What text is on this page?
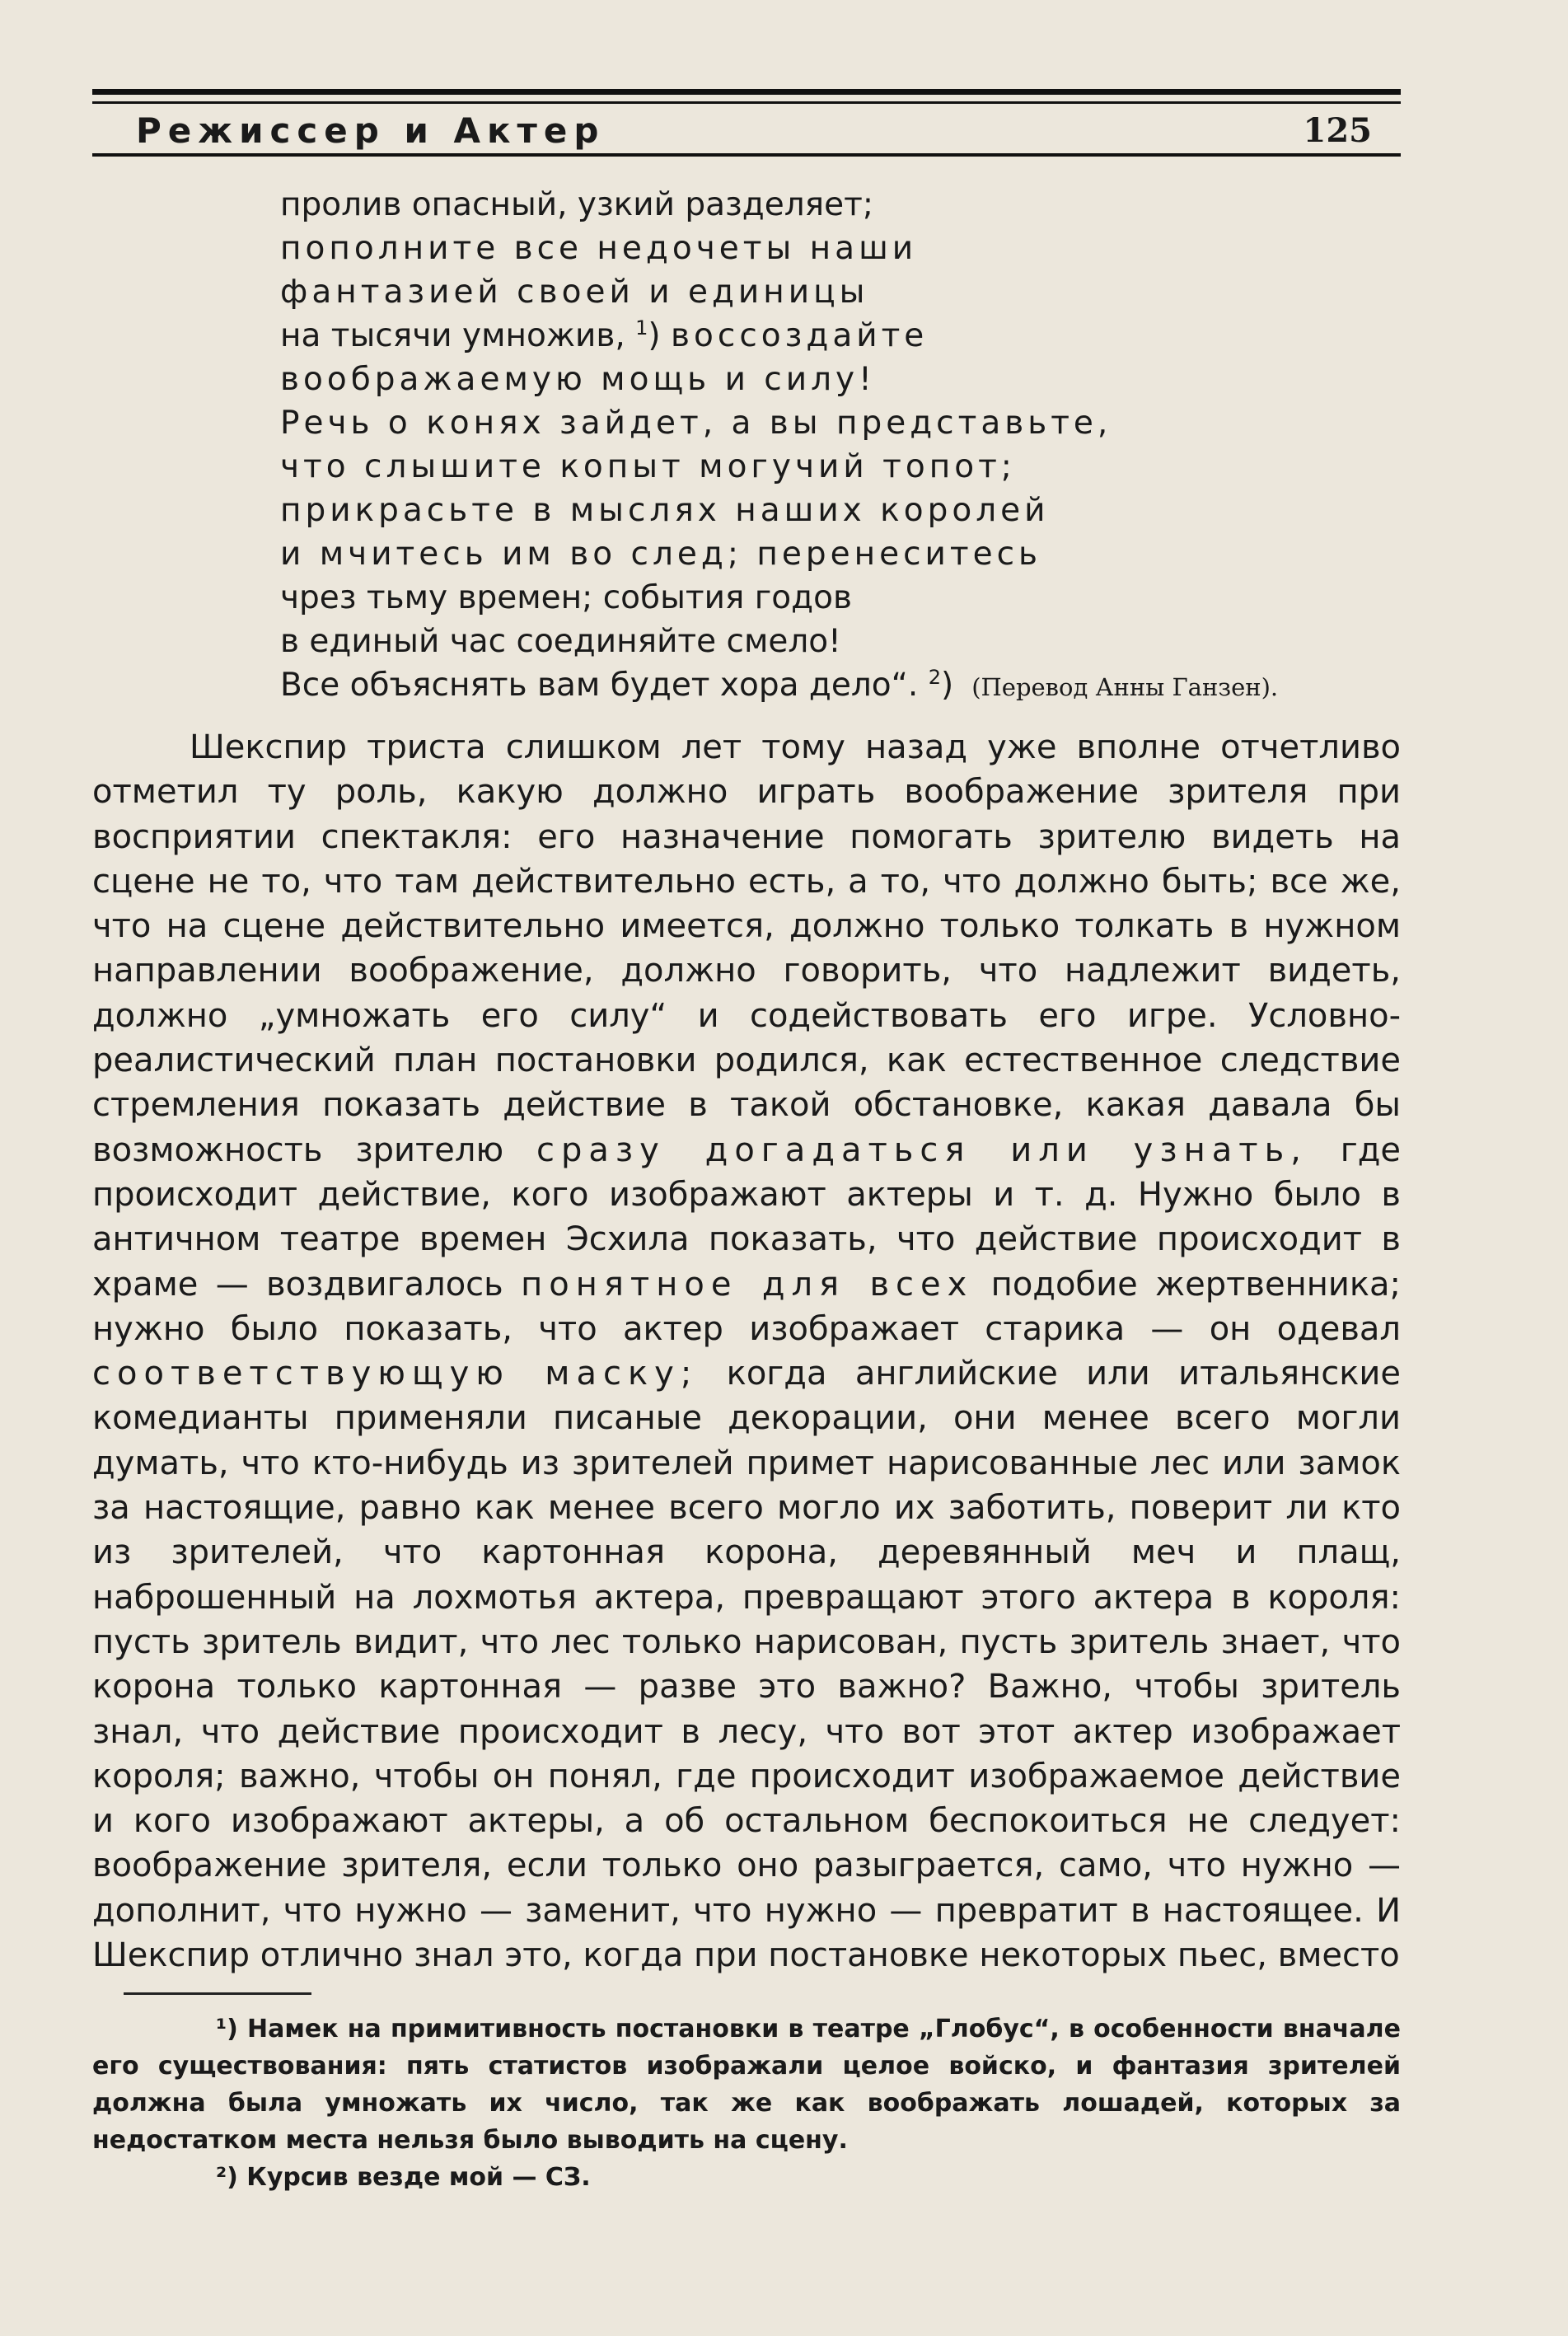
Режиссер и Актер	125
пролив опасный, узкий разделяет;
пополните все недочеты наши
фантазией своей и единицы
на тысячи умножив, $^1$) воссоздайте
воображаемую мощь и силу!
Речь о конях зайдет, а вы представьте,
что слышите копыт могучий топот;
прикрасьте в мыслях наших королей
и мчитесь им во след; перенеситесь
чрез тьму времен; события годов
в единый час соединяйте смело!
Все объяснять вам будет хора дело“. $^2$) (Перевод Анны Ганзен).

Шекспир триста слишком лет тому назад уже вполне отчетливо отметил ту роль, какую должно играть воображение зрителя при восприятии спектакля: его назначение помогать зрителю видеть на сцене не то, что там действительно есть, а то, что должно быть; все же, что на сцене действительно имеется, должно только толкать в нужном направлении воображение, должно говорить, что надлежит видеть, должно „умножать его силу“ и содействовать его игре. Условно-реалистический план постановки родился, как естественное следствие стремления показать действие в такой обстановке, какая давала бы возможность зрителю сразу догадаться или узнать, где происходит действие, кого изображают актеры и т. д. Нужно было в античном театре времен Эсхила показать, что действие происходит в храме — воздвигалось понятное для всех подобие жертвенника; нужно было показать, что актер изображает старика — он одевал соответствующую маску; когда английские или итальянские комедианты применяли писаные декорации, они менее всего могли думать, что кто-нибудь из зрителей примет нарисованные лес или замок за настоящие, равно как менее всего могло их заботить, поверит ли кто из зрителей, что картонная корона, деревянный меч и плащ, наброшенный на лохмотья актера, превращают этого актера в короля: пусть зритель видит, что лес только нарисован, пусть зритель знает, что корона только картонная — разве это важно? Важно, чтобы зритель знал, что действие происходит в лесу, что вот этот актер изображает короля; важно, чтобы он понял, где происходит изображаемое действие и кого изображают актеры, а об остальном беспокоиться не следует: воображение зрителя, если только оно разыграется, само, что нужно — дополнит, что нужно — заменит, что нужно — превратит в настоящее. И Шекспир отлично знал это, когда при постановке некоторых пьес, вместо

¹) Намек на примитивность постановки в театре „Глобус“, в особенности вначале его существования: пять статистов изображали целое войско, и фантазия зрителей должна была умножать их число, так же как воображать лошадей, которых за недостатком места нельзя было выводить на сцену.

²) Курсив везде мой — СЗ.
